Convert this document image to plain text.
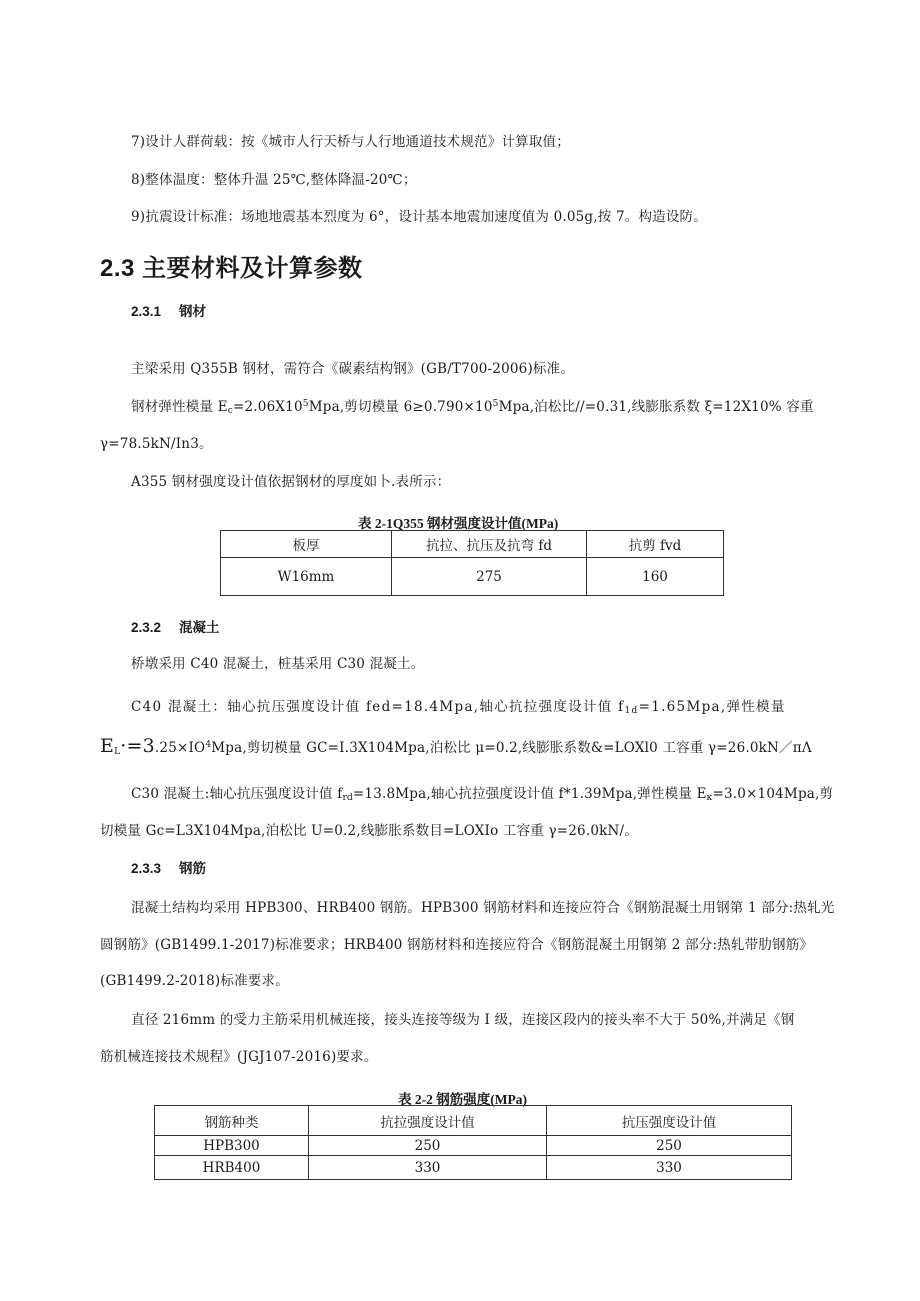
7)设计人群荷载：按《城市人行天桥与人行地通道技术规范》计算取值；
8)整体温度：整体升温 25℃,整体降温-20℃；
9)抗震设计标准：场地地震基本烈度为 6°，设计基本地震加速度值为 0.05g,按 7。构造设防。
2.3 主要材料及计算参数
2.3.1 钢材
主梁采用 Q355B 钢材，需符合《碳素结构钢》(GB/T700-2006)标准。
钢材弹性模量 $E_c=2.06X10^5Mpa$,剪切模量 $6\ge 0.790\times 10^5Mpa$,泊松比//=0.31,线膨胀系数 ξ=12X10% 容重
γ=78.5kN/In3。
A355 钢材强度设计值依据钢材的厚度如卜.表所示：
表 2-1Q355 钢材强度设计值(MPa)
板厚	抗拉、抗压及抗弯 fd	抗剪 fvd
W16mm	275	160
2.3.2 混凝土
桥墩采用 C40 混凝土，桩基采用 C30 混凝土。
C40 混凝土：轴心抗压强度设计值 fed=18.4Mpa,轴心抗拉强度设计值 $f_{1d}=1.65Mpa$,弹性模量
$E_L\cdot=3.25\times IO^4Mpa$,剪切模量 GC=I.3X104Mpa,泊松比 μ=0.2,线膨胀系数&=LOXl0 工容重 γ=26.0kN／πΛ
C30 混凝土:轴心抗压强度设计值 $f_{rd}=13.8Mpa$,轴心抗拉强度设计值 f*1.39Mpa,弹性模量 $E_\kappa=3.0\times 104Mpa$,剪
切模量 Gc=L3X104Mpa,泊松比 U=0.2,线膨胀系数目=LOXIo 工容重 γ=26.0kN/。
2.3.3 钢筋
混凝土结构均采用 HPB300、HRB400 钢筋。HPB300 钢筋材料和连接应符合《钢筋混凝土用钢第 1 部分:热轧光
圆钢筋》(GB1499.1-2017)标准要求；HRB400 钢筋材料和连接应符合《钢筋混凝土用钢第 2 部分:热轧带肋钢筋》
(GB1499.2-2018)标准要求。
直径 216mm 的受力主筋采用机械连接，接头连接等级为 I 级，连接区段内的接头率不大于 50%,并满足《钢
筋机械连接技术规程》(JGJ107-2016)要求。
表 2-2 钢筋强度(MPa)
钢筋种类	抗拉强度设计值	抗压强度设计值
HPB300	250	250
HRB400	330	330
